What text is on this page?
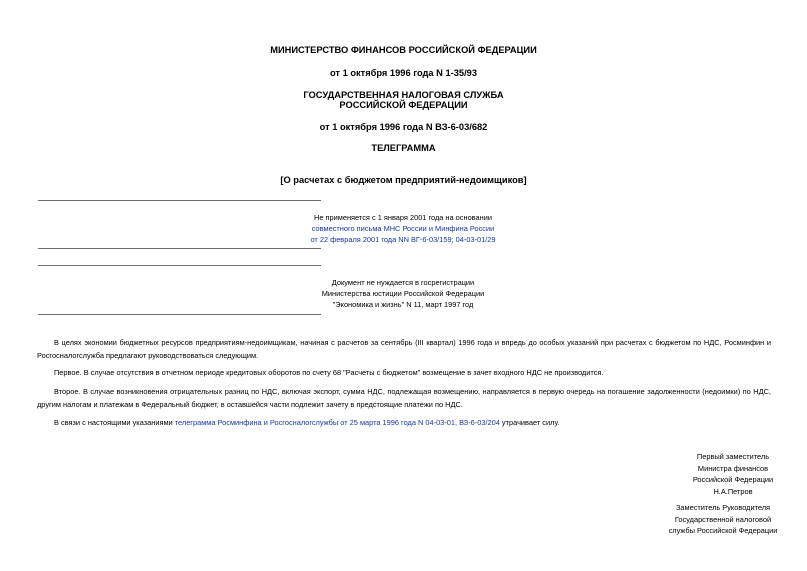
МИНИСТЕРСТВО ФИНАНСОВ РОССИЙСКОЙ ФЕДЕРАЦИИ

от 1 октября 1996 года N 1-35/93

ГОСУДАРСТВЕННАЯ НАЛОГОВАЯ СЛУЖБА

РОССИЙСКОЙ ФЕДЕРАЦИИ

от 1 октября 1996 года N ВЗ-6-03/682

ТЕЛЕГРАММА

[О расчетах с бюджетом предприятий-недоимщиков]

Не применяется с 1 января 2001 года на основании
совместного письма МНС России и Минфина России
от 22 февраля 2001 года NN ВГ-6-03/159; 04-03-01/29
Документ не нуждается в госрегистрации
Министерства юстиции Российской Федерации
"Экономика и жизнь" N 11, март 1997 год

В целях экономии бюджетных ресурсов предприятиям-недоимщикам, начиная с расчетов за сентябрь (III квартал) 1996 года и впредь до особых указаний при расчетах с бюджетом по НДС, Росминфин и Росгосналогслужба предлагают руководствоваться следующим.

Первое. В случае отсутствия в отчетном периоде кредитовых оборотов по счету 68 "Расчеты с бюджетом" возмещение в зачет входного НДС не производится.

Второе. В случае возникновения отрицательных разниц по НДС, включая экспорт, сумма НДС, подлежащая возмещению, направляется в первую очередь на погашение задолженности (недоимки) по НДС, другим налогам и платежам в Федеральный бюджет, в оставшейся части подлежит зачету в предстоящие платежи по НДС.

В связи с настоящими указаниями телеграмма Росминфина и Росгосналогслужбы от 25 марта 1996 года N 04-03-01, ВЗ-6-03/204 утрачивает силу.

Первый заместитель
Министра финансов
Российской Федерации
Н.А.Петров
Заместитель Руководителя
Государственной налоговой
службы Российской Федерации
